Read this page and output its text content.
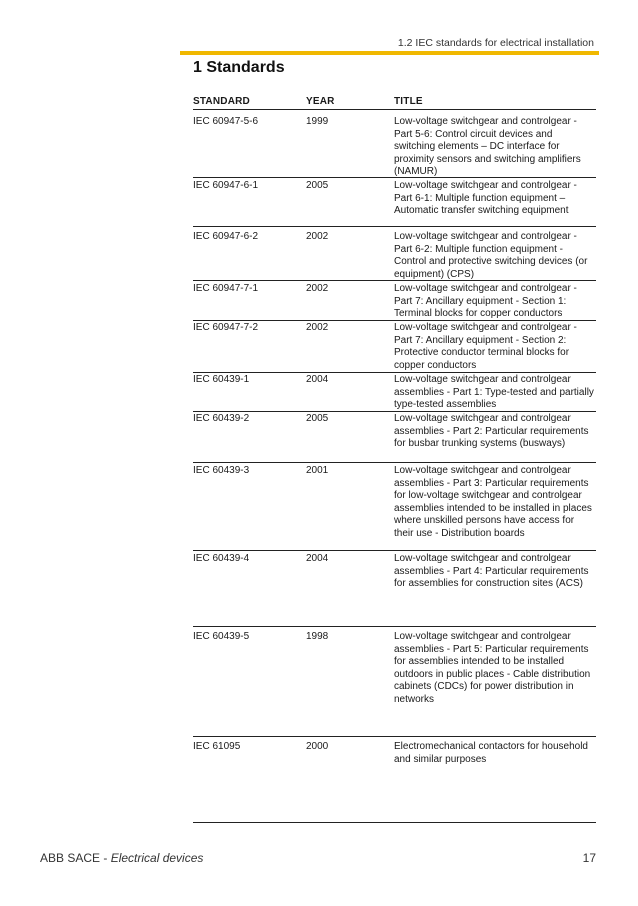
1.2 IEC standards for electrical installation
1 Standards
STANDARD	YEAR	TITLE
IEC 60947-5-6	1999	Low-voltage switchgear and controlgear - Part 5-6: Control circuit devices and switching elements – DC interface for proximity sensors and switching amplifiers (NAMUR)
IEC 60947-6-1	2005	Low-voltage switchgear and controlgear - Part 6-1: Multiple function equipment – Automatic transfer switching equipment
IEC 60947-6-2	2002	Low-voltage switchgear and controlgear - Part 6-2: Multiple function equipment - Control and protective switching devices (or equipment) (CPS)
IEC 60947-7-1	2002	Low-voltage switchgear and controlgear - Part 7: Ancillary equipment - Section 1: Terminal blocks for copper conductors
IEC 60947-7-2	2002	Low-voltage switchgear and controlgear - Part 7: Ancillary equipment - Section 2: Protective conductor terminal blocks for copper conductors
IEC 60439-1	2004	Low-voltage switchgear and controlgear assemblies - Part 1: Type-tested and partially type-tested assemblies
IEC 60439-2	2005	Low-voltage switchgear and controlgear assemblies - Part 2: Particular requirements for busbar trunking systems (busways)
IEC 60439-3	2001	Low-voltage switchgear and controlgear assemblies - Part 3: Particular requirements for low-voltage switchgear and controlgear assemblies intended to be installed in places where unskilled persons have access for their use - Distribution boards
IEC 60439-4	2004	Low-voltage switchgear and controlgear assemblies - Part 4: Particular requirements for assemblies for construction sites (ACS)
IEC 60439-5	1998	Low-voltage switchgear and controlgear assemblies - Part 5: Particular requirements for assemblies intended to be installed outdoors in public places - Cable distribution cabinets (CDCs) for power distribution in networks
IEC 61095	2000	Electromechanical contactors for household and similar purposes
ABB SACE - Electrical devices	17
